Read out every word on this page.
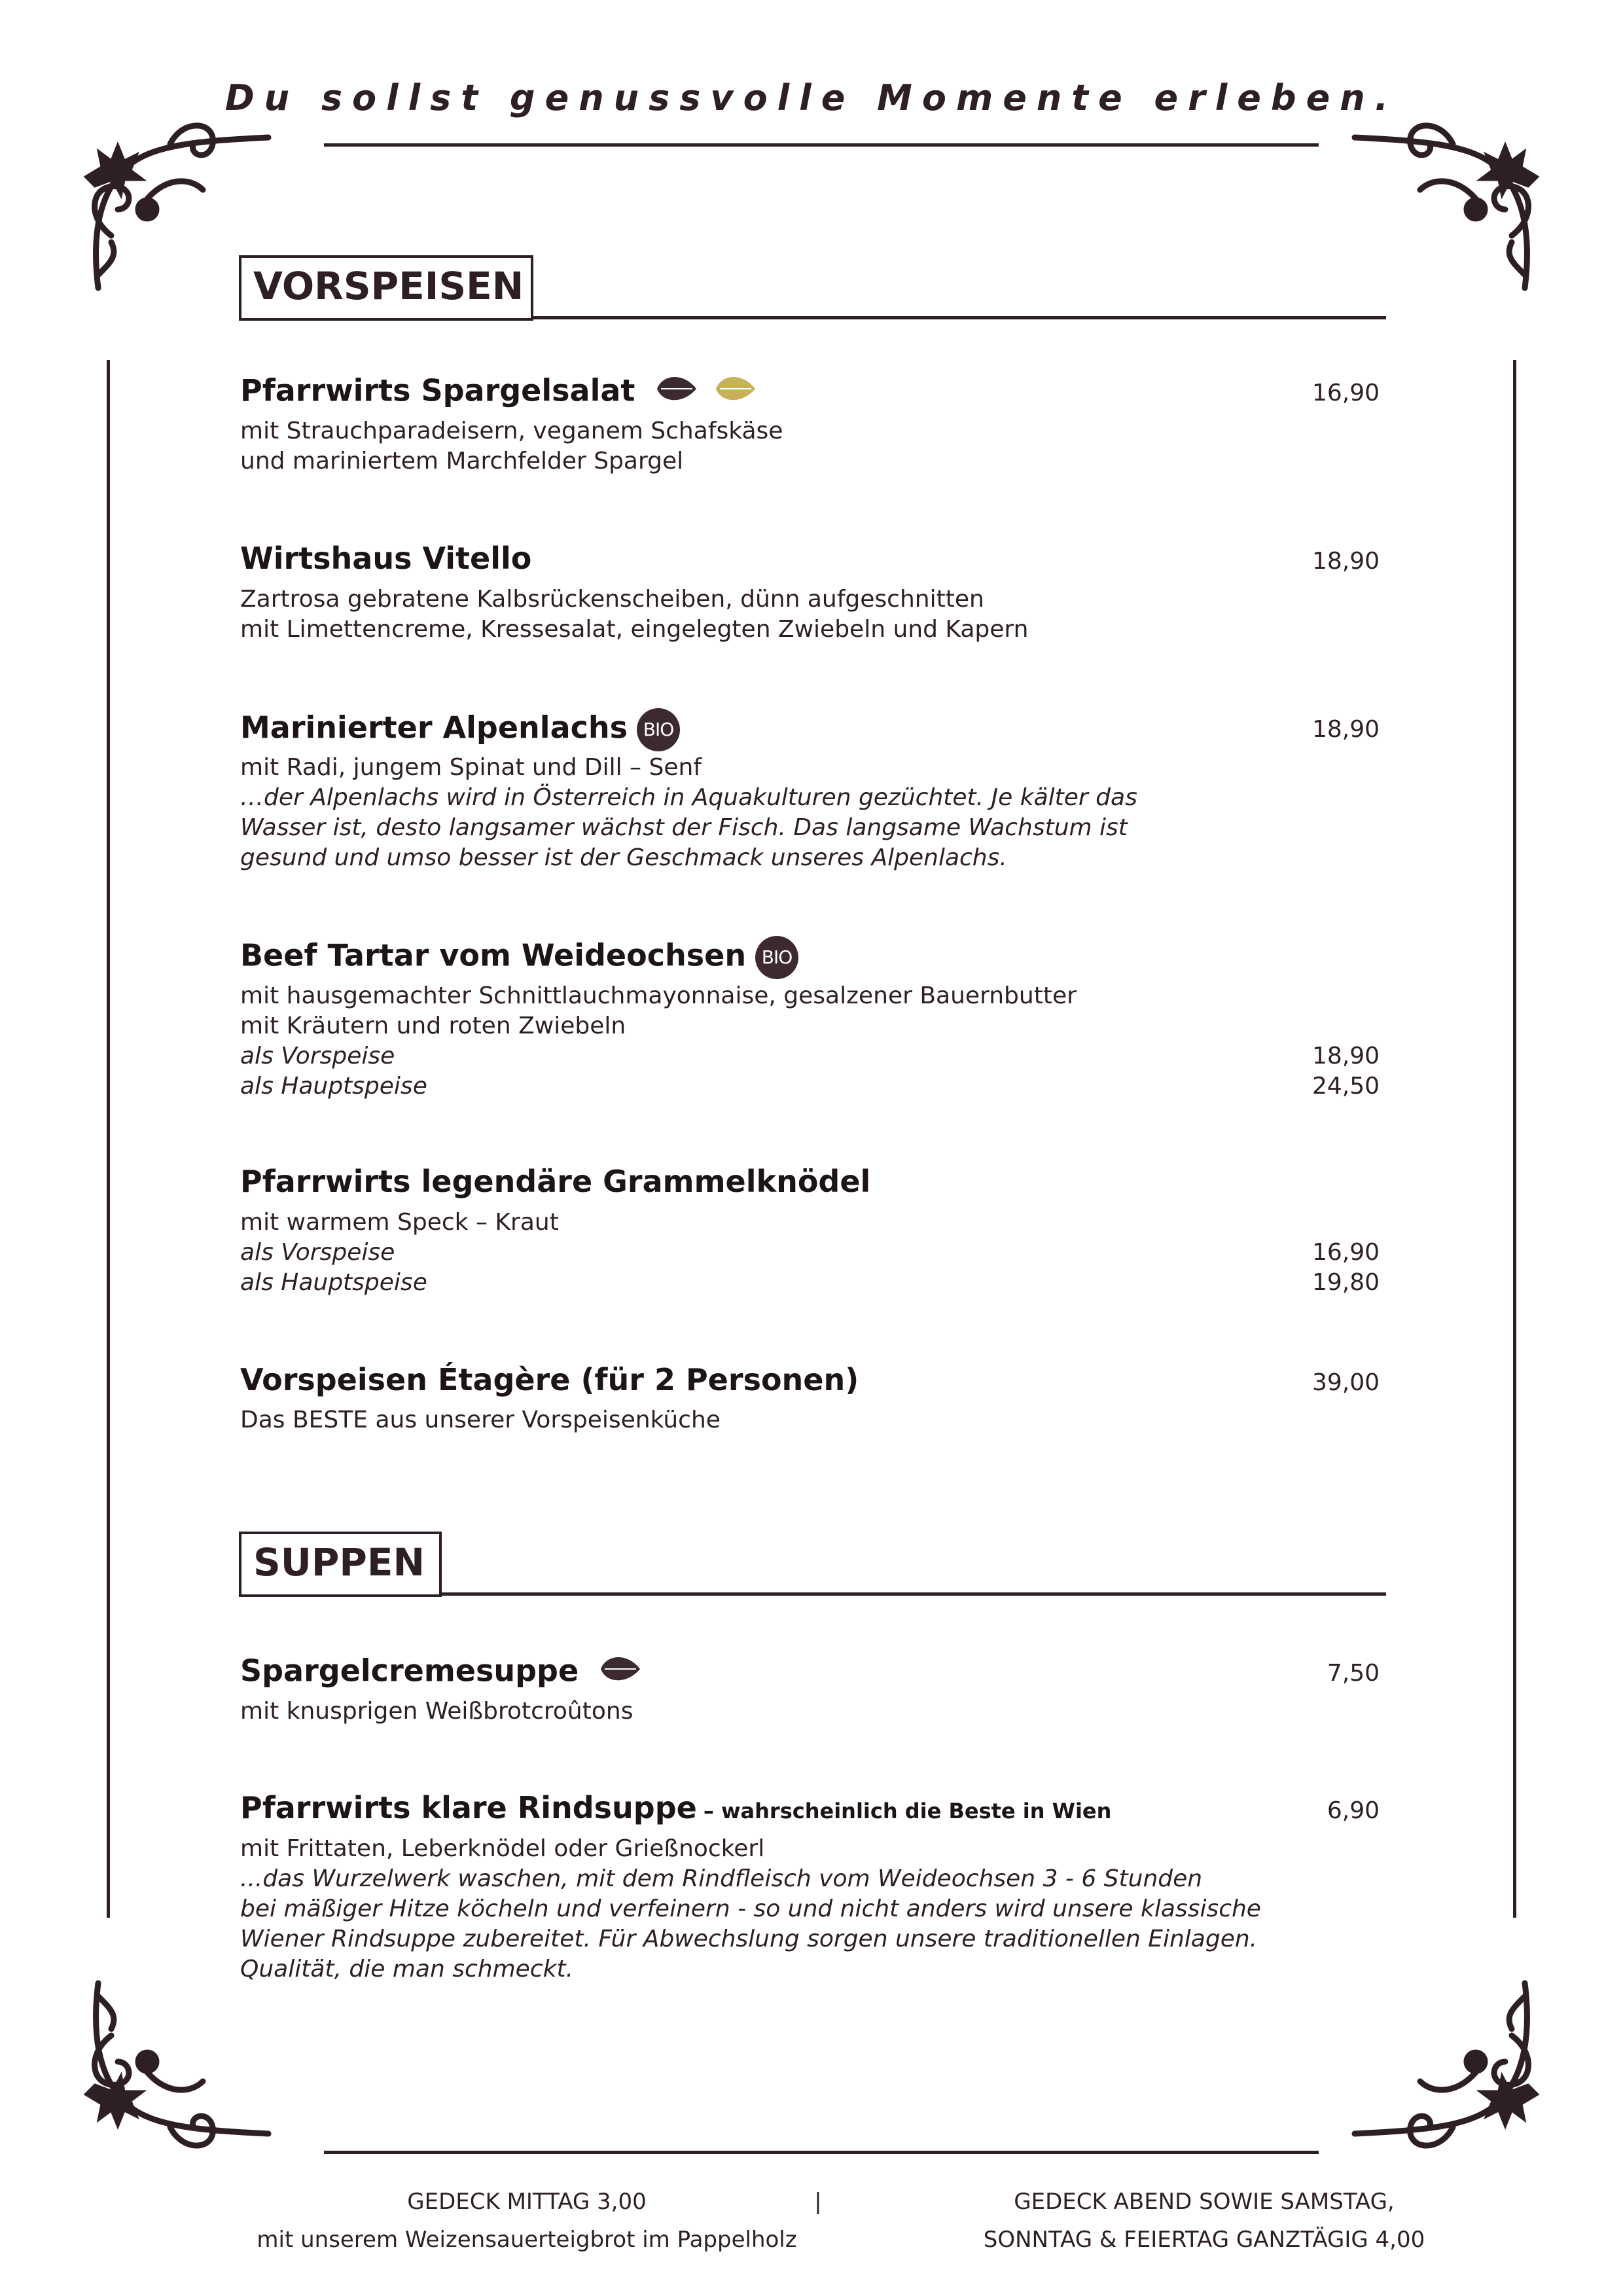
Du sollst genussvolle Momente erleben.
VORSPEISEN
Pfarrwirts Spargelsalat	16,90
mit Strauchparadeisern, veganem Schafskäse
und mariniertem Marchfelder Spargel
Wirtshaus Vitello	18,90
Zartrosa gebratene Kalbsrückenscheiben, dünn aufgeschnitten
mit Limettencreme, Kressesalat, eingelegten Zwiebeln und Kapern
Marinierter Alpenlachs BIO	18,90
mit Radi, jungem Spinat und Dill – Senf
…der Alpenlachs wird in Österreich in Aquakulturen gezüchtet. Je kälter das
Wasser ist, desto langsamer wächst der Fisch. Das langsame Wachstum ist
gesund und umso besser ist der Geschmack unseres Alpenlachs.
Beef Tartar vom Weideochsen BIO
mit hausgemachter Schnittlauchmayonnaise, gesalzener Bauernbutter
mit Kräutern und roten Zwiebeln
als Vorspeise	18,90
als Hauptspeise	24,50
Pfarrwirts legendäre Grammelknödel
mit warmem Speck – Kraut
als Vorspeise	16,90
als Hauptspeise	19,80
Vorspeisen Étagère (für 2 Personen)	39,00
Das BESTE aus unserer Vorspeisenküche
SUPPEN
Spargelcremesuppe	7,50
mit knusprigen Weißbrotcroûtons
Pfarrwirts klare Rindsuppe – wahrscheinlich die Beste in Wien	6,90
mit Frittaten, Leberknödel oder Grießnockerl
...das Wurzelwerk waschen, mit dem Rindfleisch vom Weideochsen 3 - 6 Stunden
bei mäßiger Hitze köcheln und verfeinern - so und nicht anders wird unsere klassische
Wiener Rindsuppe zubereitet. Für Abwechslung sorgen unsere traditionellen Einlagen.
Qualität, die man schmeckt.
GEDECK MITTAG 3,00
mit unserem Weizensauerteigbrot im Pappelholz
|	GEDECK ABEND SOWIE SAMSTAG,
SONNTAG & FEIERTAG GANZTÄGIG 4,00
